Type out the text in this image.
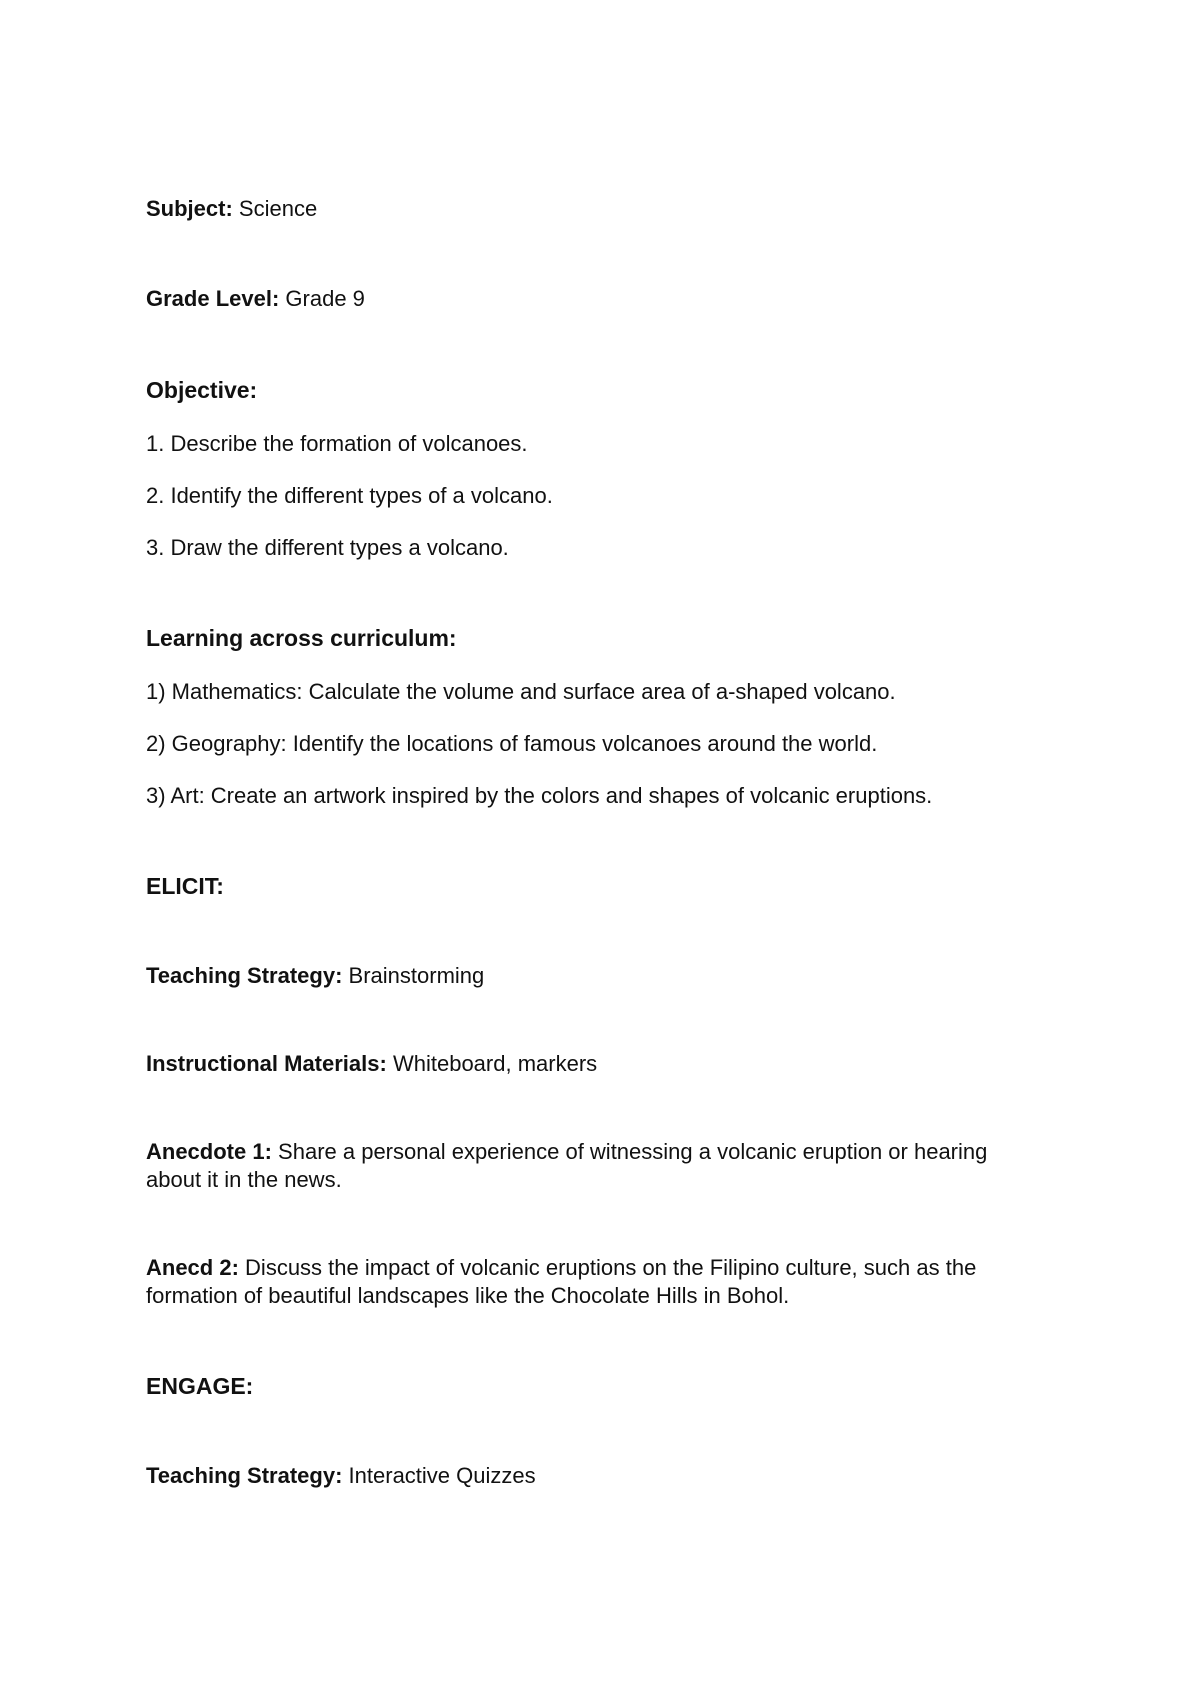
Subject: Science
Grade Level: Grade 9
Objective:
1. Describe the formation of volcanoes.
2. Identify the different types of a volcano.
3. Draw the different types a volcano.
Learning across curriculum:
1) Mathematics: Calculate the volume and surface area of a-shaped volcano.
2) Geography: Identify the locations of famous volcanoes around the world.
3) Art: Create an artwork inspired by the colors and shapes of volcanic eruptions.
ELICIT:
Teaching Strategy: Brainstorming
Instructional Materials: Whiteboard, markers
Anecdote 1: Share a personal experience of witnessing a volcanic eruption or hearing about it in the news.
Anecd 2: Discuss the impact of volcanic eruptions on the Filipino culture, such as the formation of beautiful landscapes like the Chocolate Hills in Bohol.
ENGAGE:
Teaching Strategy: Interactive Quizzes
